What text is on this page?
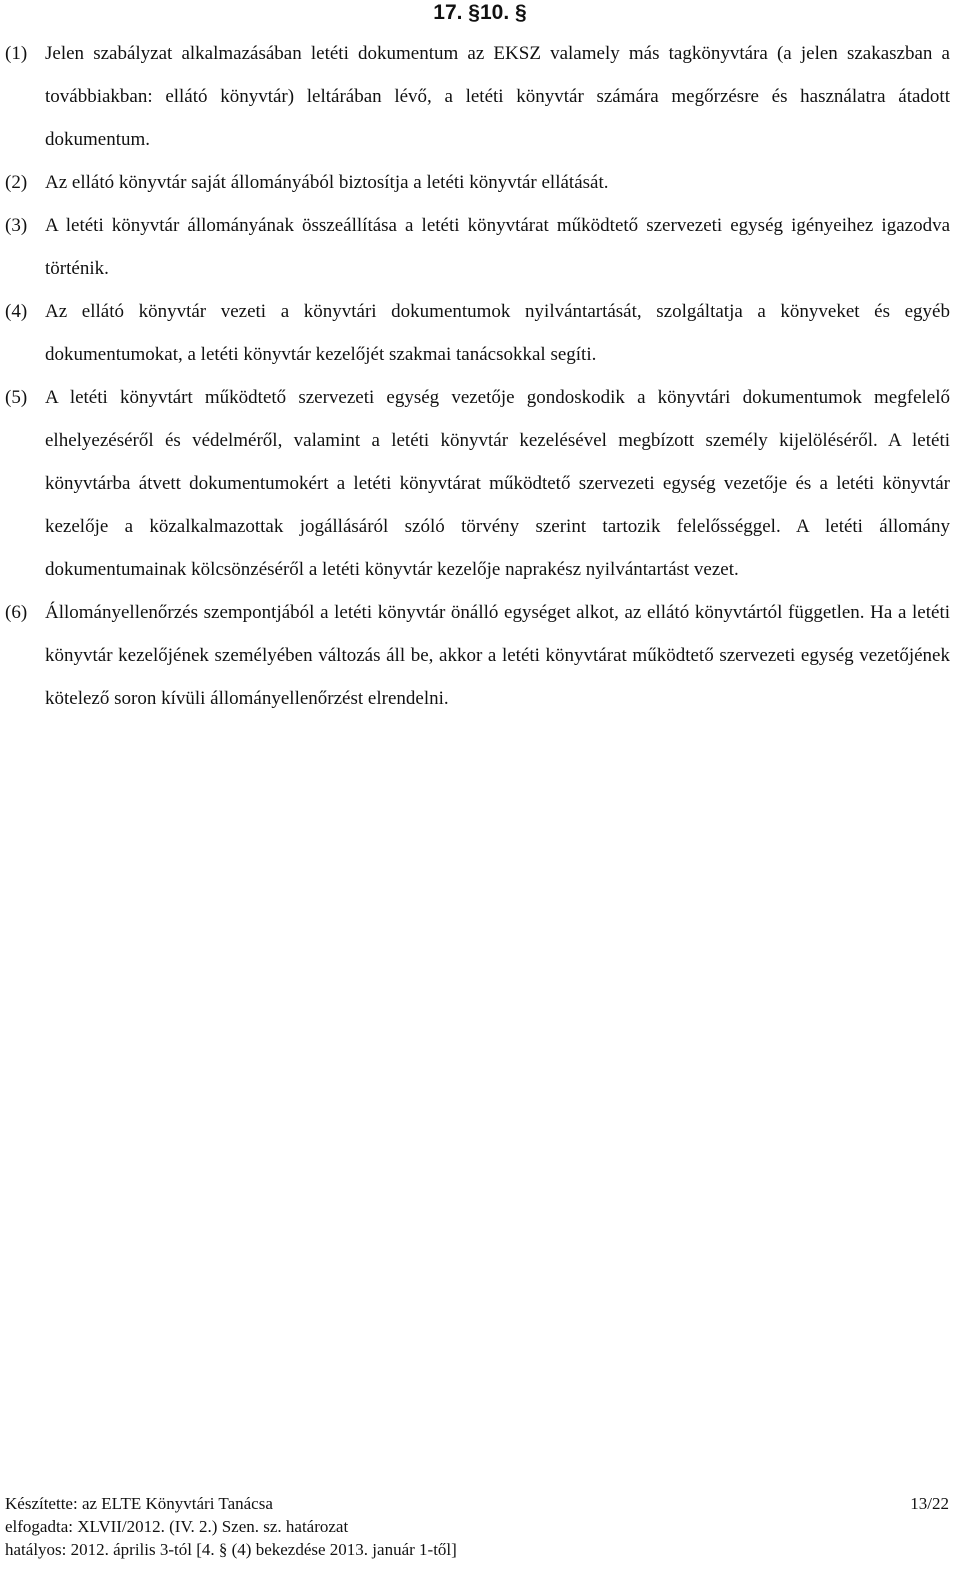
17. §10. §

(1) Jelen szabályzat alkalmazásában letéti dokumentum az EKSZ valamely más tagkönyvtára (a jelen szakaszban a továbbiakban: ellátó könyvtár) leltárában lévő, a letéti könyvtár számára megőrzésre és használatra átadott dokumentum.

(2) Az ellátó könyvtár saját állományából biztosítja a letéti könyvtár ellátását.

(3) A letéti könyvtár állományának összeállítása a letéti könyvtárat működtető szervezeti egység igényeihez igazodva történik.

(4) Az ellátó könyvtár vezeti a könyvtári dokumentumok nyilvántartását, szolgáltatja a könyveket és egyéb dokumentumokat, a letéti könyvtár kezelőjét szakmai tanácsokkal segíti.

(5) A letéti könyvtárt működtető szervezeti egység vezetője gondoskodik a könyvtári dokumentumok megfelelő elhelyezéséről és védelméről, valamint a letéti könyvtár kezelésével megbízott személy kijelöléséről. A letéti könyvtárba átvett dokumentumokért a letéti könyvtárat működtető szervezeti egység vezetője és a letéti könyvtár kezelője a közalkalmazottak jogállásáról szóló törvény szerint tartozik felelősséggel. A letéti állomány dokumentumainak kölcsönzéséről a letéti könyvtár kezelője naprakész nyilvántartást vezet.

(6) Állományellenőrzés szempontjából a letéti könyvtár önálló egységet alkot, az ellátó könyvtártól független. Ha a letéti könyvtár kezelőjének személyében változás áll be, akkor a letéti könyvtárat működtető szervezeti egység vezetőjének kötelező soron kívüli állományellenőrzést elrendelni.

Készítette: az ELTE Könyvtári Tanácsa	13/22
elfogadta: XLVII/2012. (IV. 2.) Szen. sz. határozat
hatályos: 2012. április 3-tól [4. § (4) bekezdése 2013. január 1-től]
